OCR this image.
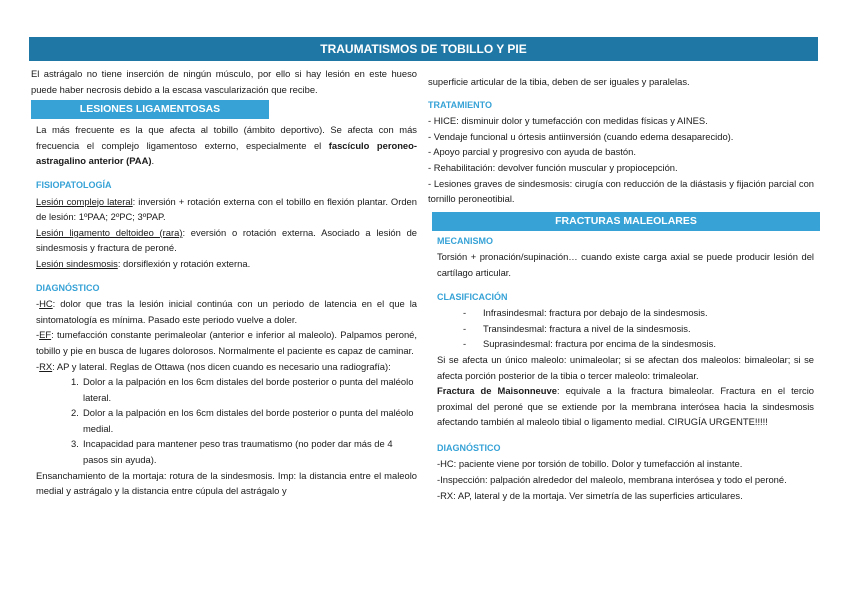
TRAUMATISMOS DE TOBILLO Y PIE

El astrágalo no tiene inserción de ningún músculo, por ello si hay lesión en este hueso puede haber necrosis debido a la escasa vascularización que recibe.

LESIONES LIGAMENTOSAS

La más frecuente es la que afecta al tobillo (ámbito deportivo). Se afecta con más frecuencia el complejo ligamentoso externo, especialmente el fascículo peroneo-astragalino anterior (PAA).

FISIOPATOLOGÍA

Lesión complejo lateral: inversión + rotación externa con el tobillo en flexión plantar. Orden de lesión: 1ºPAA; 2ºPC; 3ºPAP.

Lesión ligamento deltoideo (rara): eversión o rotación externa. Asociado a lesión de sindesmosis y fractura de peroné.

Lesión sindesmosis: dorsiflexión y rotación externa.

DIAGNÓSTICO

-HC: dolor que tras la lesión inicial continúa con un periodo de latencia en el que la sintomatología es mínima. Pasado este periodo vuelve a doler.

-EF: tumefacción constante perimaleolar (anterior e inferior al maleolo). Palpamos peroné, tobillo y pie en busca de lugares dolorosos. Normalmente el paciente es capaz de caminar.

-RX: AP y lateral. Reglas de Ottawa (nos dicen cuando es necesario una radiografía):

1. Dolor a la palpación en los 6cm distales del borde posterior o punta del maléolo lateral.
2. Dolor a la palpación en los 6cm distales del borde posterior o punta del maléolo medial.
3. Incapacidad para mantener peso tras traumatismo (no poder dar más de 4 pasos sin ayuda).

Ensanchamiento de la mortaja: rotura de la sindesmosis. Imp: la distancia entre el maleolo medial y astrágalo y la distancia entre cúpula del astrágalo y

superficie articular de la tibia, deben de ser iguales y paralelas.

TRATAMIENTO

- HICE: disminuir dolor y tumefacción con medidas físicas y AINES.

- Vendaje funcional u órtesis antiinversión (cuando edema desaparecido).

- Apoyo parcial y progresivo con ayuda de bastón.

- Rehabilitación: devolver función muscular y propiocepción.

- Lesiones graves de sindesmosis: cirugía con reducción de la diástasis y fijación parcial con tornillo peroneotibial.

FRACTURAS MALEOLARES
MECANISMO

Torsión + pronación/supinación… cuando existe carga axial se puede producir lesión del cartílago articular.

CLASIFICACIÓN
-	Infrasindesmal: fractura por debajo de la sindesmosis.
-	Transindesmal: fractura a nivel de la sindesmosis.
-	Suprasindesmal: fractura por encima de la sindesmosis.

Si se afecta un único maleolo: unimaleolar; si se afectan dos maleolos: bimaleolar; si se afecta porción posterior de la tibia o tercer maleolo: trimaleolar.

Fractura de Maisonneuve: equivale a la fractura bimaleolar. Fractura en el tercio proximal del peroné que se extiende por la membrana interósea hacia la sindesmosis afectando también al maleolo tibial o ligamento medial. CIRUGÍA URGENTE!!!!!

DIAGNÓSTICO

-HC: paciente viene por torsión de tobillo. Dolor y tumefacción al instante.

-Inspección: palpación alrededor del maleolo, membrana interósea y todo el peroné.

-RX: AP, lateral y de la mortaja. Ver simetría de las superficies articulares.
